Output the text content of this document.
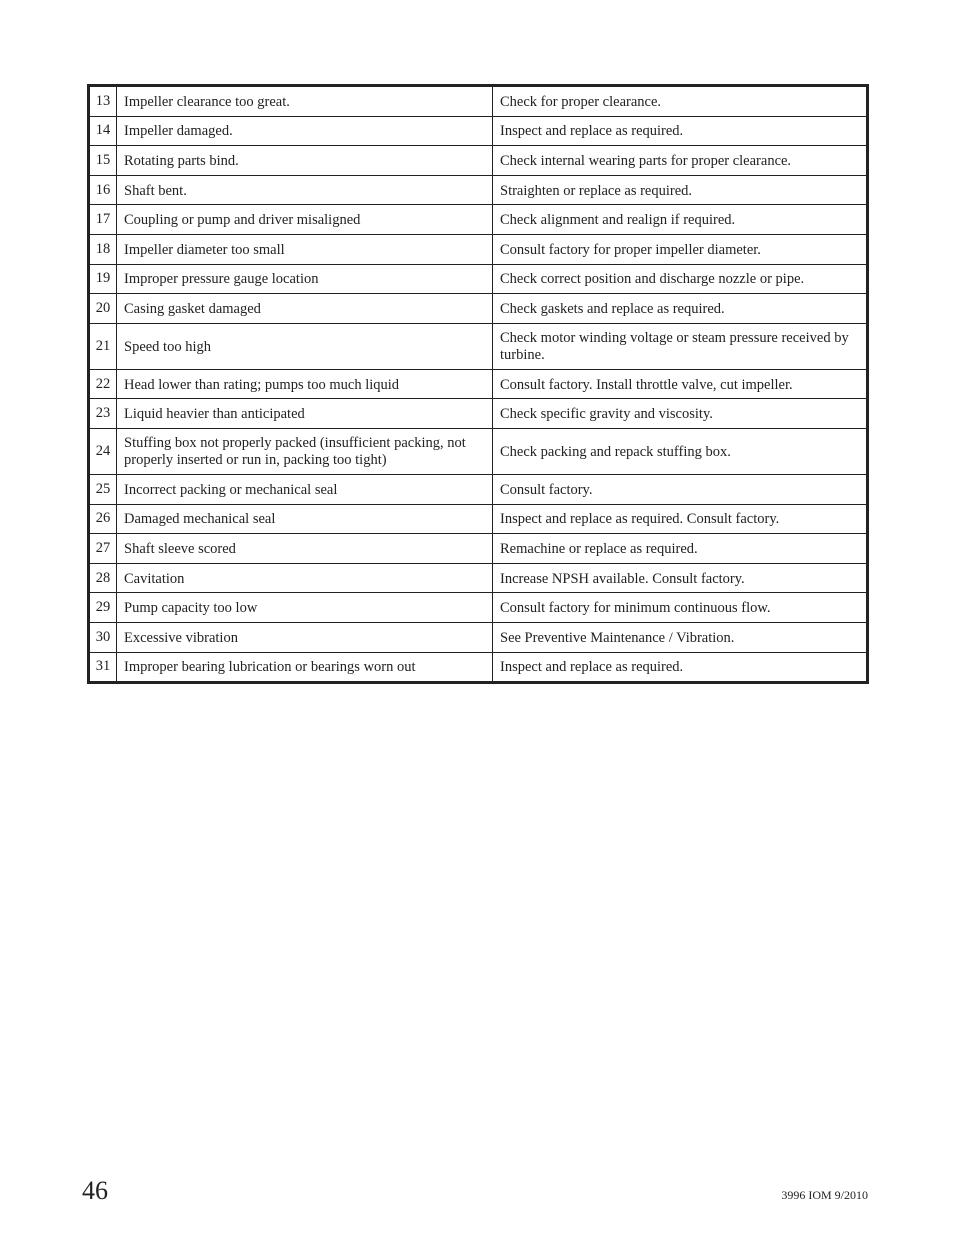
13	Impeller clearance too great.	Check for proper clearance.
14	Impeller damaged.	Inspect and replace as required.
15	Rotating parts bind.	Check internal wearing parts for proper clearance.
16	Shaft bent.	Straighten or replace as required.
17	Coupling or pump and driver misaligned	Check alignment and realign if required.
18	Impeller diameter too small	Consult factory for proper impeller diameter.
19	Improper pressure gauge location	Check correct position and discharge nozzle or pipe.
20	Casing gasket damaged	Check gaskets and replace as required.
21	Speed too high	Check motor winding voltage or steam pressure received by turbine.
22	Head lower than rating; pumps too much liquid	Consult factory. Install throttle valve, cut impeller.
23	Liquid heavier than anticipated	Check specific gravity and viscosity.
24	Stuffing box not properly packed (insufficient packing, not properly inserted or run in, packing too tight)	Check packing and repack stuffing box.
25	Incorrect packing or mechanical seal	Consult factory.
26	Damaged mechanical seal	Inspect and replace as required. Consult factory.
27	Shaft sleeve scored	Remachine or replace as required.
28	Cavitation	Increase NPSH available. Consult factory.
29	Pump capacity too low	Consult factory for minimum continuous flow.
30	Excessive vibration	See Preventive Maintenance / Vibration.
31	Improper bearing lubrication or bearings worn out	Inspect and replace as required.
46	3996 IOM 9/2010
